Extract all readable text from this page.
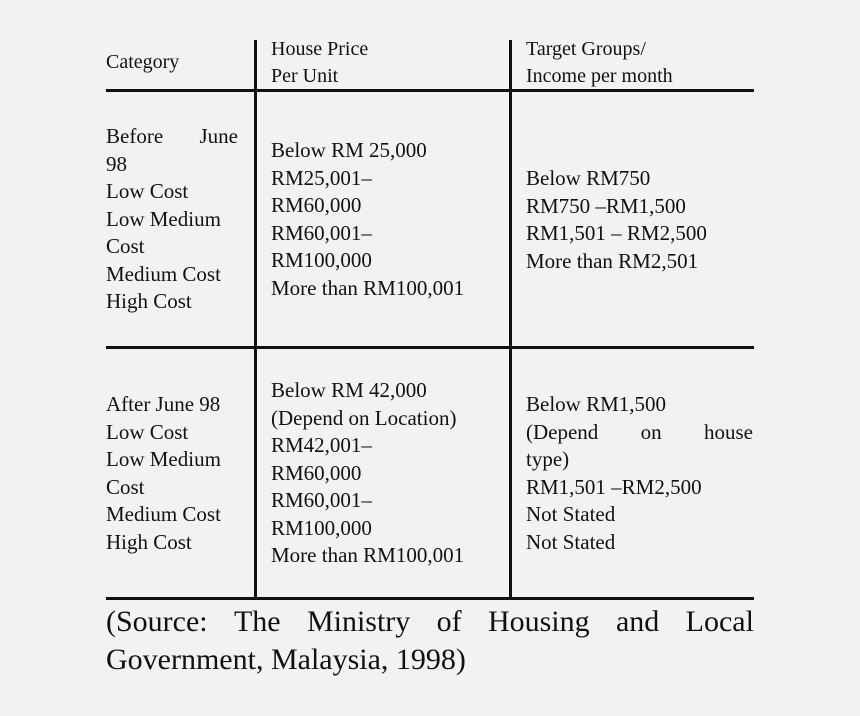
Category
House Price
Per Unit
Target Groups/
Income per month
Before June
98
Low Cost
Low Medium
Cost
Medium Cost
High Cost
Below RM 25,000
RM25,001–
RM60,000
RM60,001–
RM100,000
More than RM100,001
Below RM750
RM750 –RM1,500
RM1,501 – RM2,500
More than RM2,501
After June 98
Low Cost
Low Medium
Cost
Medium Cost
High Cost
Below RM 42,000
(Depend on Location)
RM42,001–
RM60,000
RM60,001–
RM100,000
More than RM100,001
Below RM1,500
(Depend on house
type)
RM1,501 –RM2,500
Not Stated
Not Stated
(Source: The Ministry of Housing and Local
Government, Malaysia, 1998)
